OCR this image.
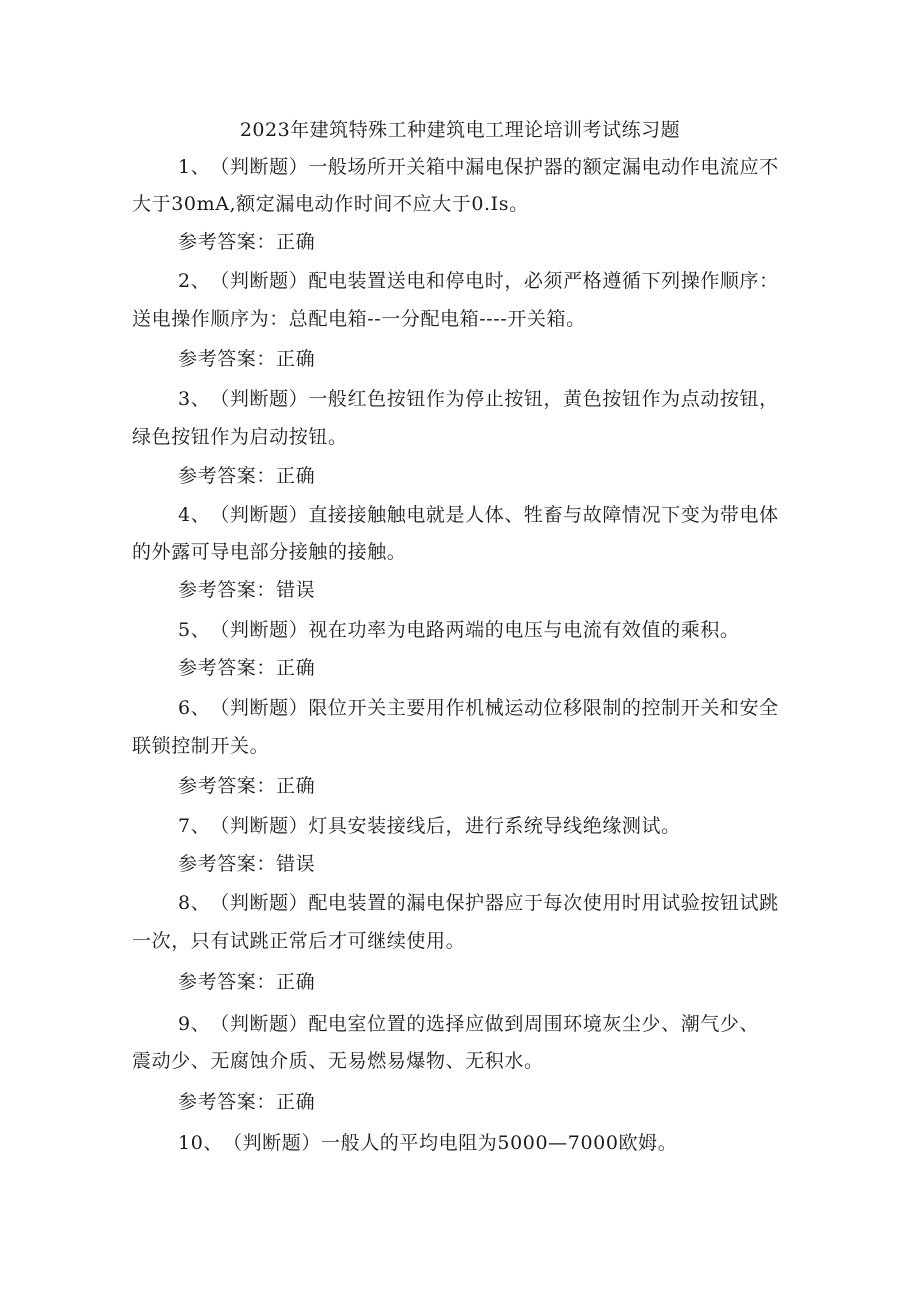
2023年建筑特殊工种建筑电工理论培训考试练习题
1、（判断题）一般场所开关箱中漏电保护器的额定漏电动作电流应不
大于30mA,额定漏电动作时间不应大于0.Is。
参考答案：正确
2、（判断题）配电装置送电和停电时，必须严格遵循下列操作顺序：
送电操作顺序为：总配电箱--一分配电箱----开关箱。
参考答案：正确
3、（判断题）一般红色按钮作为停止按钮，黄色按钮作为点动按钮，
绿色按钮作为启动按钮。
参考答案：正确
4、（判断题）直接接触触电就是人体、牲畜与故障情况下变为带电体
的外露可导电部分接触的接触。
参考答案：错误
5、（判断题）视在功率为电路两端的电压与电流有效值的乘积。
参考答案：正确
6、（判断题）限位开关主要用作机械运动位移限制的控制开关和安全
联锁控制开关。
参考答案：正确
7、（判断题）灯具安装接线后，进行系统导线绝缘测试。
参考答案：错误
8、（判断题）配电装置的漏电保护器应于每次使用时用试验按钮试跳
一次，只有试跳正常后才可继续使用。
参考答案：正确
9、（判断题）配电室位置的选择应做到周围环境灰尘少、潮气少、
震动少、无腐蚀介质、无易燃易爆物、无积水。
参考答案：正确
10、（判断题）一般人的平均电阻为5000—7000欧姆。
